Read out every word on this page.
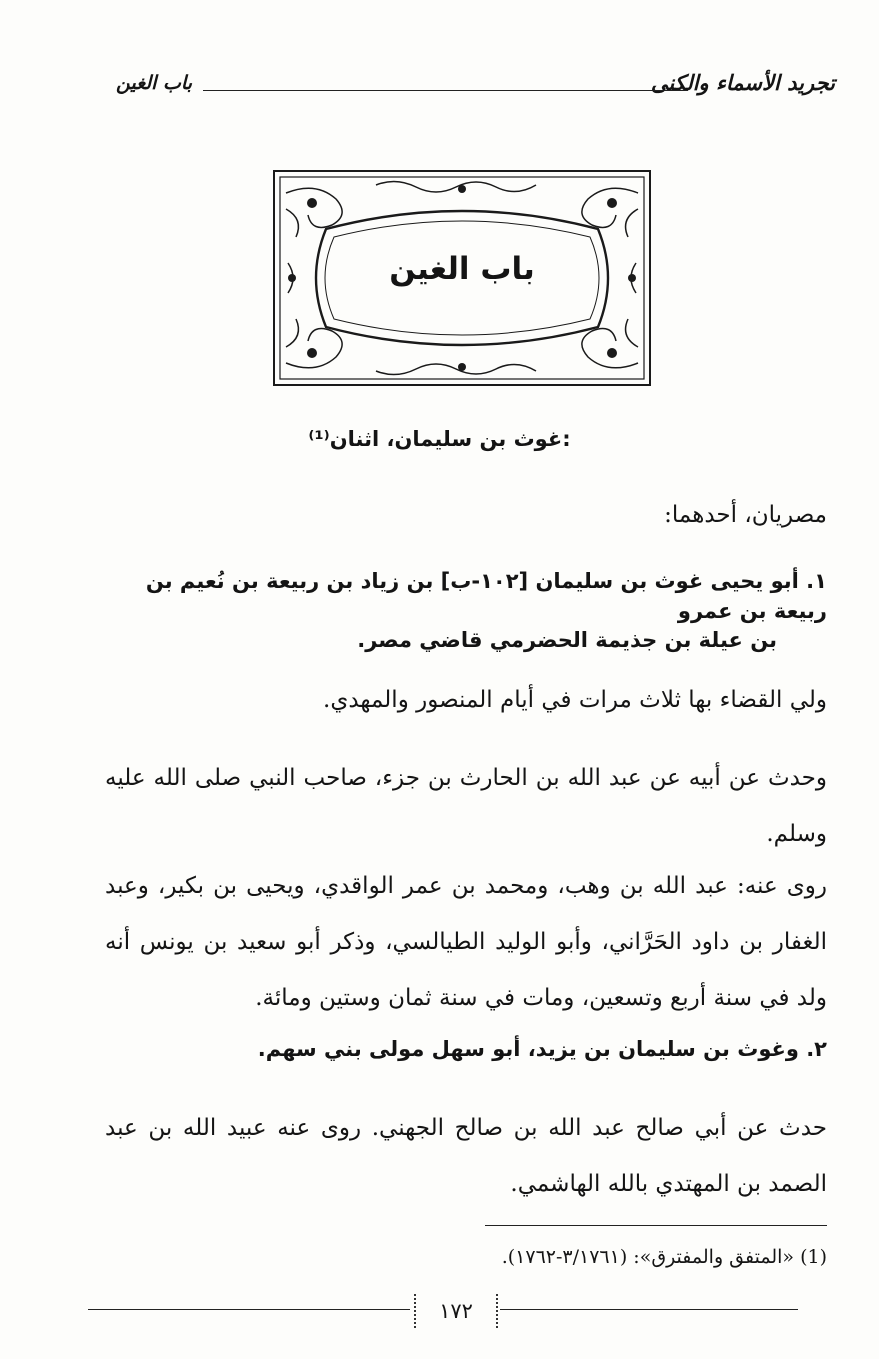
تجريد الأسماء والكنى
باب الغين
باب الغين
غوث بن سليمان، اثنان⁽¹⁾:

مصريان، أحدهما:

١. أبو يحيى غوث بن سليمان [١٠٢-ب] بن زياد بن ربيعة بن نُعيم بن ربيعة بن عمرو

بن عيلة بن جذيمة الحضرمي قاضي مصر.

ولي القضاء بها ثلاث مرات في أيام المنصور والمهدي.

وحدث عن أبيه عن عبد الله بن الحارث بن جزء، صاحب النبي صلى الله عليه وسلم.

روى عنه: عبد الله بن وهب، ومحمد بن عمر الواقدي، ويحيى بن بكير، وعبد الغفار بن داود الحَرَّاني، وأبو الوليد الطيالسي، وذكر أبو سعيد بن يونس أنه ولد في سنة أربع وتسعين، ومات في سنة ثمان وستين ومائة.

٢. وغوث بن سليمان بن يزيد، أبو سهل مولى بني سهم.

حدث عن أبي صالح عبد الله بن صالح الجهني. روى عنه عبيد الله بن عبد الصمد بن المهتدي بالله الهاشمي.

(1) «المتفق والمفترق»: (٣/١٧٦١-١٧٦٢).
١٧٢
